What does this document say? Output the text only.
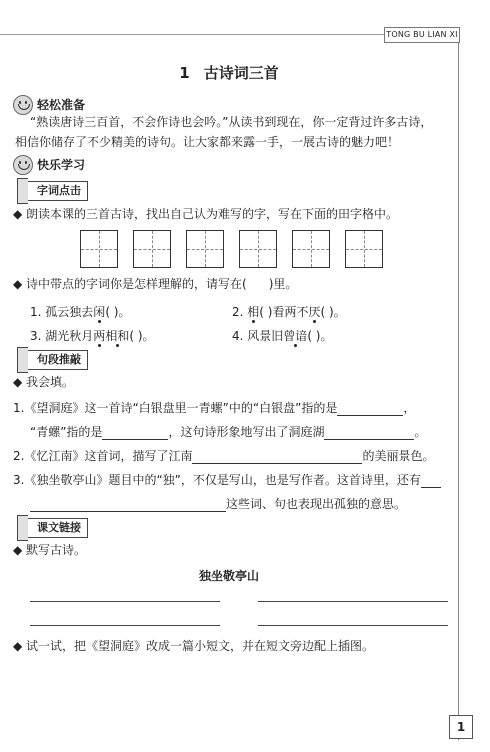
TONG BU LIAN XI
1 古诗词三首
轻松准备
“熟读唐诗三百首，不会作诗也会吟。”从读书到现在，你一定背过许多古诗，
相信你储存了不少精美的诗句。让大家都来露一手，一展古诗的魅力吧！
快乐学习
字词点击
◆ 朗读本课的三首古诗，找出自己认为难写的字，写在下面的田字格中。
◆ 诗中带点的字词你是怎样理解的，请写在( )里。
1. 孤云独去闲( )。	2. 相( )看两不厌( )。
3. 湖光秋月两相和( )。	4. 风景旧曾谙( )。
句段推敲
◆ 我会填。
1.《望洞庭》这一首诗“白银盘里一青螺”中的“白银盘”指的是	，
“青螺”指的是	，这句诗形象地写出了洞庭湖	。
2.《忆江南》这首词，描写了江南	的美丽景色。
3.《独坐敬亭山》题目中的“独”，不仅是写山，也是写作者。这首诗里，还有
这些词、句也表现出孤独的意思。
课文链接
◆ 默写古诗。
独坐敬亭山
◆ 试一试，把《望洞庭》改成一篇小短文，并在短文旁边配上插图。
1
